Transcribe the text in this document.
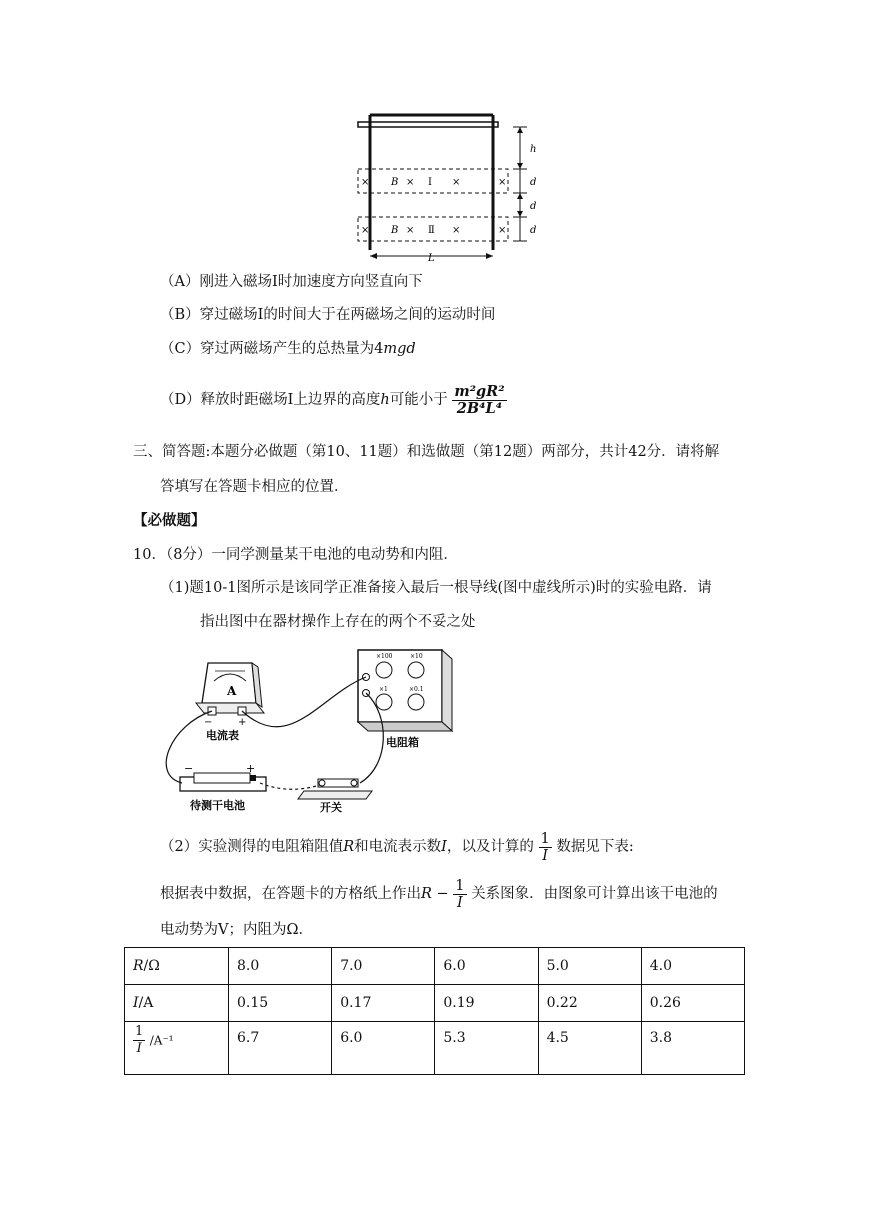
h
d
d
d
L
× B × Ⅰ ×	×
× B × Ⅱ ×	×
（A）刚进入磁场Ⅰ时加速度方向竖直向下
（B）穿过磁场Ⅰ的时间大于在两磁场之间的运动时间
（C）穿过两磁场产生的总热量为4mgd
（D）释放时距磁场Ⅰ上边界的高度h可能小于 $\frac{\text{m²gR²}}{\text{2B⁴L⁴}}$
三、简答题:本题分必做题（第10、11题）和选做题（第12题）两部分，共计42分．请将解
答填写在答题卡相应的位置．
【必做题】
10．（8分）一同学测量某干电池的电动势和内阻．
（1)题10-1图所示是该同学正准备接入最后一根导线(图中虚线所示)时的实验电路．请
指出图中在器材操作上存在的两个不妥之处
A
−	+
电流表
×100	×10
×1	×0.1
电阻箱
−	+
待测干电池	开关
（2）实验测得的电阻箱阻值R和电流表示数I，以及计算的 $\frac{1}{I}$ 数据见下表:
根据表中数据，在答题卡的方格纸上作出$R - \frac{1}{I}$ 关系图象．由图象可计算出该干电池的
电动势为V；内阻为Ω．
R/Ω	8.0	7.0	6.0	5.0	4.0
I/A	0.15	0.17	0.19	0.22	0.26

$\frac{1}{I} /A^{-1}$	6.7	6.0	5.3	4.5	3.8
